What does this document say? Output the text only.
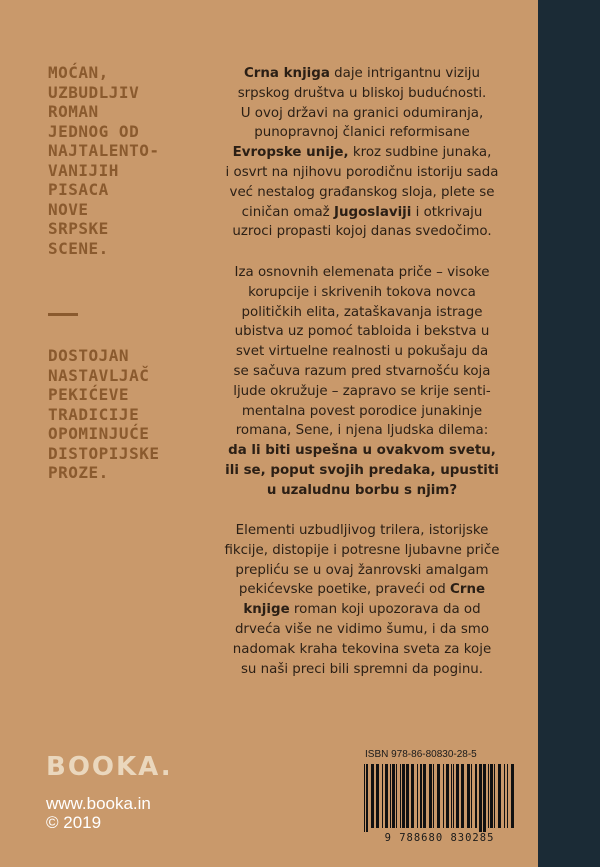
MOĆAN,
UZBUDLJIV
ROMAN
JEDNOG OD
NAJTALENTO-
VANIJIH
PISACA
NOVE
SRPSKE
SCENE.
DOSTOJAN
NASTAVLJAČ
PEKIĆEVE
TRADICIJE
OPOMINJUĆE
DISTOPIJSKE
PROZE.
Crna knjiga daje intrigantnu viziju
srpskog društva u bliskoj budućnosti.
U ovoj državi na granici odumiranja,
punopravnoj članici reformisane
Evropske unije, kroz sudbine junaka,
i osvrt na njihovu porodičnu istoriju sada
već nestalog građanskog sloja, plete se
ciničan omaž Jugoslaviji i otkrivaju
uzroci propasti kojoj danas svedočimo.
Iza osnovnih elemenata priče – visoke
korupcije i skrivenih tokova novca
političkih elita, zataškavanja istrage
ubistva uz pomoć tabloida i bekstva u
svet virtuelne realnosti u pokušaju da
se sačuva razum pred stvarnošću koja
ljude okružuje – zapravo se krije senti-
mentalna povest porodice junakinje
romana, Sene, i njena ljudska dilema:
da li biti uspešna u ovakvom svetu,
ili se, poput svojih predaka, upustiti
u uzaludnu borbu s njim?
Elementi uzbudljivog trilera, istorijske
fikcije, distopije i potresne ljubavne priče
prepliću se u ovaj žanrovski amalgam
pekićevske poetike, praveći od Crne
knjige roman koji upozorava da od
drveća više ne vidimo šumu, i da smo
nadomak kraha tekovina sveta za koje
su naši preci bili spremni da poginu.
BOOKA.
www.booka.in
© 2019
ISBN 978-86-80830-28-5
9 788680 830285
